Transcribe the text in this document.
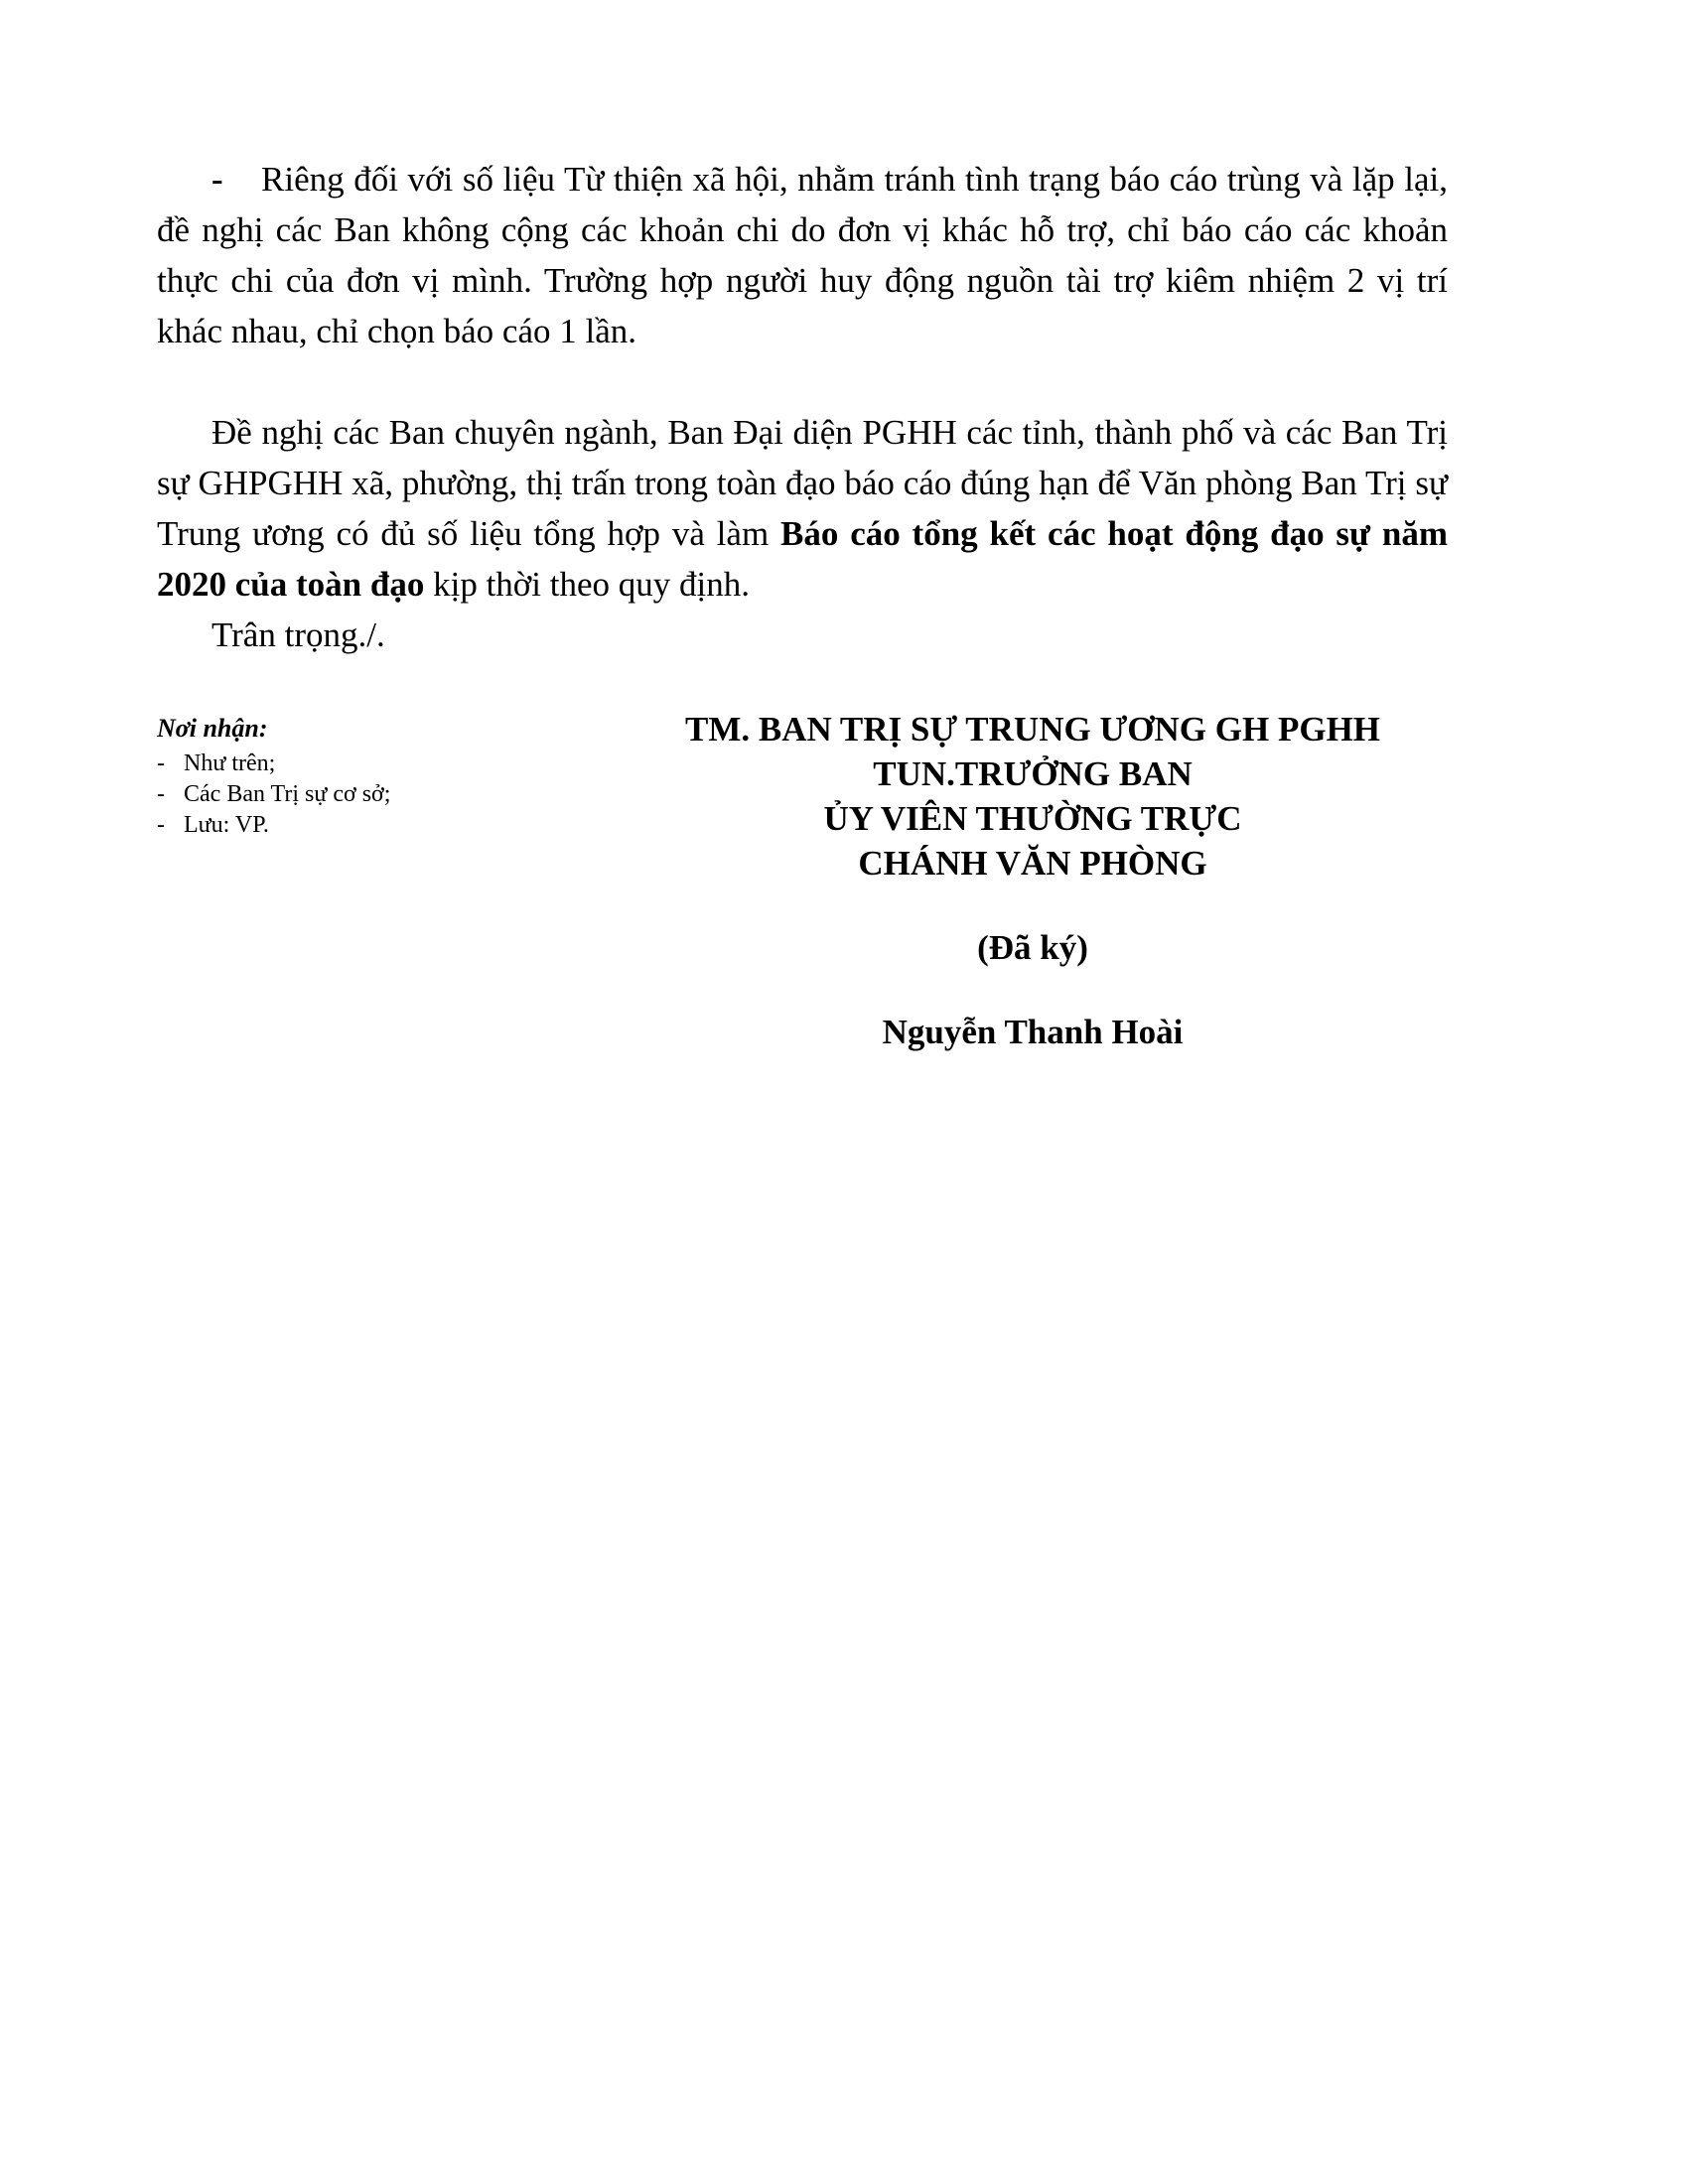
- Riêng đối với số liệu Từ thiện xã hội, nhằm tránh tình trạng báo cáo trùng và lặp lại, đề nghị các Ban không cộng các khoản chi do đơn vị khác hỗ trợ, chỉ báo cáo các khoản thực chi của đơn vị mình. Trường hợp người huy động nguồn tài trợ kiêm nhiệm 2 vị trí khác nhau, chỉ chọn báo cáo 1 lần.

Đề nghị các Ban chuyên ngành, Ban Đại diện PGHH các tỉnh, thành phố và các Ban Trị sự GHPGHH xã, phường, thị trấn trong toàn đạo báo cáo đúng hạn để Văn phòng Ban Trị sự Trung ương có đủ số liệu tổng hợp và làm Báo cáo tổng kết các hoạt động đạo sự năm 2020 của toàn đạo kịp thời theo quy định.

Trân trọng./.

Nơi nhận:
- Như trên;
- Các Ban Trị sự cơ sở;
- Lưu: VP.
TM. BAN TRỊ SỰ TRUNG ƯƠNG GH PGHH
TUN.TRƯỞNG BAN
ỦY VIÊN THƯỜNG TRỰC
CHÁNH VĂN PHÒNG
(Đã ký)
Nguyễn Thanh Hoài
